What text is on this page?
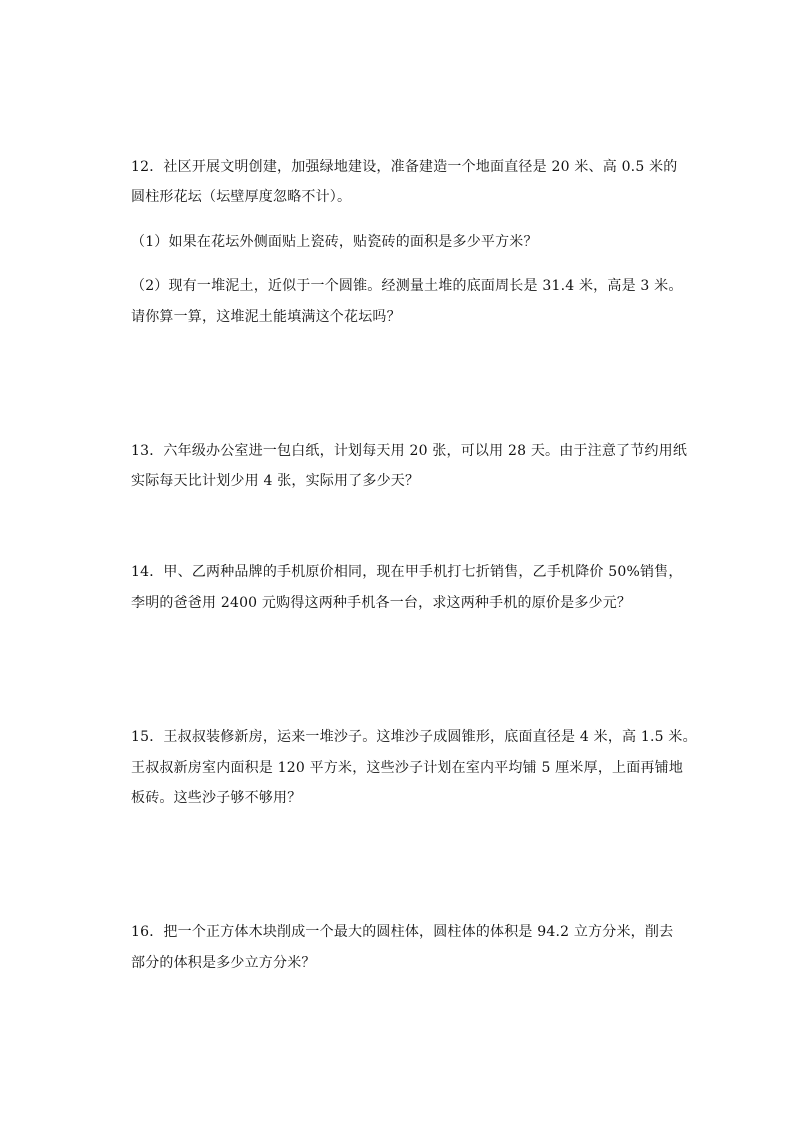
12．社区开展文明创建，加强绿地建设，准备建造一个地面直径是 20 米、高 0.5 米的
圆柱形花坛（坛壁厚度忽略不计）。
（1）如果在花坛外侧面贴上瓷砖，贴瓷砖的面积是多少平方米？
（2）现有一堆泥土，近似于一个圆锥。经测量土堆的底面周长是 31.4 米，高是 3 米。
请你算一算，这堆泥土能填满这个花坛吗？
13．六年级办公室进一包白纸，计划每天用 20 张，可以用 28 天。由于注意了节约用纸
实际每天比计划少用 4 张，实际用了多少天？
14．甲、乙两种品牌的手机原价相同，现在甲手机打七折销售，乙手机降价 50%销售，
李明的爸爸用 2400 元购得这两种手机各一台，求这两种手机的原价是多少元？
15．王叔叔装修新房，运来一堆沙子。这堆沙子成圆锥形，底面直径是 4 米，高 1.5 米。
王叔叔新房室内面积是 120 平方米，这些沙子计划在室内平均铺 5 厘米厚，上面再铺地
板砖。这些沙子够不够用？
16．把一个正方体木块削成一个最大的圆柱体，圆柱体的体积是 94.2 立方分米，削去
部分的体积是多少立方分米？
